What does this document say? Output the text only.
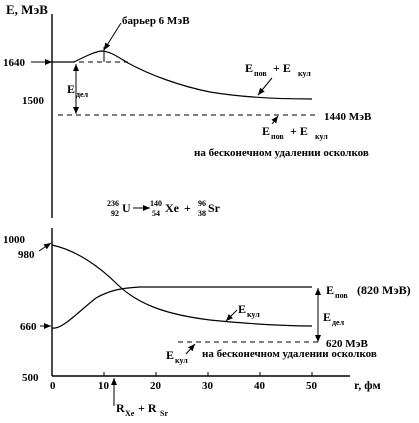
E, МэВ
1640
1500
барьер 6 МэВ
E пов + E кул
E дел
1440 МэВ
E пов + E кул
на бесконечном удалении осколков
236
92 U 140
54 Xe + 96
38 Sr
1000
980
660
500
E пов (820 МэВ)
E дел
E кул
620 МэВ
E кул
на бесконечном удалении осколков
0	10	20	30	40	50	r, фм
R Xe + R Sr
